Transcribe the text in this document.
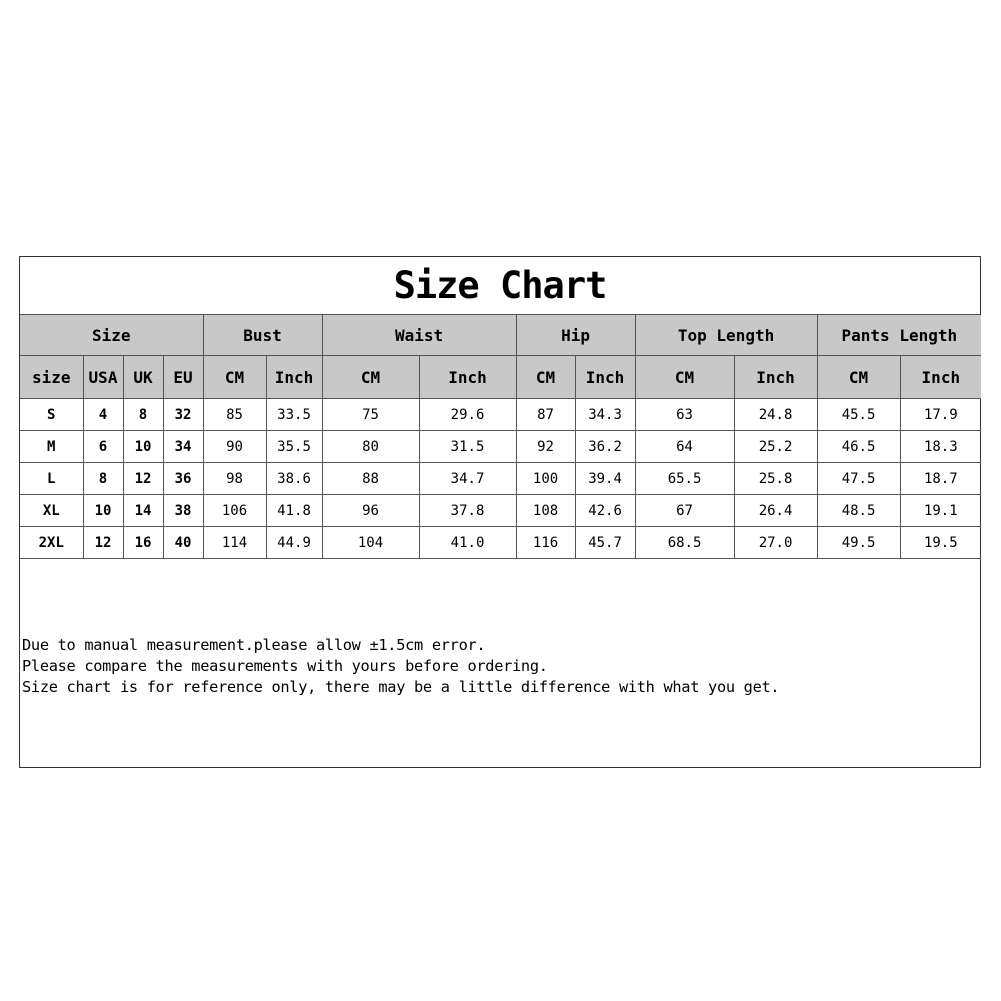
Size Chart
Size				Bust		Waist		Hip		Top Length		Pants Length	
size	USA	UK	EU	CM	Inch	CM	Inch	CM	Inch	CM	Inch	CM	Inch
S	4	8	32	85	33.5	75	29.6	87	34.3	63	24.8	45.5	17.9
M	6	10	34	90	35.5	80	31.5	92	36.2	64	25.2	46.5	18.3
L	8	12	36	98	38.6	88	34.7	100	39.4	65.5	25.8	47.5	18.7
XL	10	14	38	106	41.8	96	37.8	108	42.6	67	26.4	48.5	19.1
2XL	12	16	40	114	44.9	104	41.0	116	45.7	68.5	27.0	49.5	19.5
Due to manual measurement.please allow ±1.5cm error.
Please compare the measurements with yours before ordering.
Size chart is for reference only, there may be a little difference with what you get.
